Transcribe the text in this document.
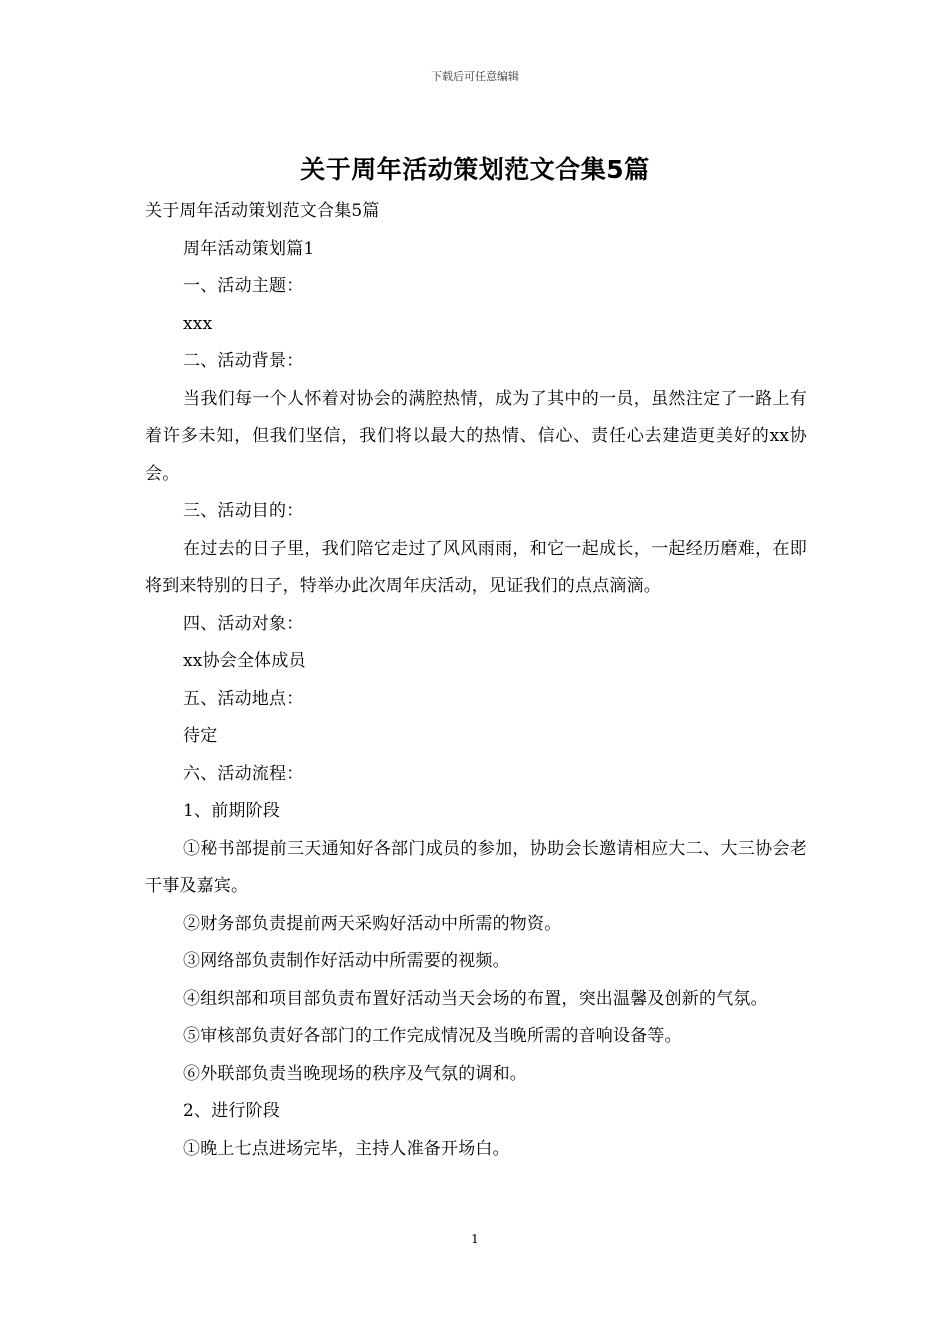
下载后可任意编辑
关于周年活动策划范文合集5篇

关于周年活动策划范文合集5篇

周年活动策划篇1

一、活动主题：

xxx

二、活动背景：

当我们每一个人怀着对协会的满腔热情，成为了其中的一员，虽然注定了一路上有着许多未知，但我们坚信，我们将以最大的热情、信心、责任心去建造更美好的xx协会。

三、活动目的：

在过去的日子里，我们陪它走过了风风雨雨，和它一起成长，一起经历磨难，在即将到来特别的日子，特举办此次周年庆活动，见证我们的点点滴滴。

四、活动对象：

xx协会全体成员

五、活动地点：

待定

六、活动流程：

1、前期阶段

①秘书部提前三天通知好各部门成员的参加，协助会长邀请相应大二、大三协会老干事及嘉宾。

②财务部负责提前两天采购好活动中所需的物资。

③网络部负责制作好活动中所需要的视频。

④组织部和项目部负责布置好活动当天会场的布置，突出温馨及创新的气氛。

⑤审核部负责好各部门的工作完成情况及当晚所需的音响设备等。

⑥外联部负责当晚现场的秩序及气氛的调和。

2、进行阶段

①晚上七点进场完毕，主持人准备开场白。

1
